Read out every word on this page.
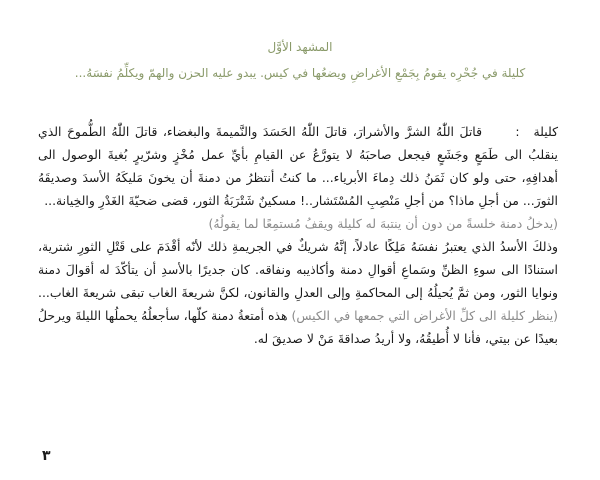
المشهد الأوَّل
كليلة في جُحْرِه يقومُ بِجَمْعِ الأغراضِ ويضعُها في كيس. يبدو عليه الحزن والهمّ ويكلِّمُ نفسَهُ...
كليلة :

قاتلَ اللّٰهُ الشرَّ والأشرارَ، قاتلَ اللّٰهُ الحَسَدَ والنَّميمةَ والبغضاء، قاتلَ اللّٰهُ الطُّموحَ الذي ينقلبُ الى طَمَعٍ وجَشَعٍ فيجعل صاحبَهُ لا يتورَّعُ عن القيامِ بأيِّ عمل مُخْزٍ وشرّيرٍ بُغيةَ الوصول الى أهدافِهِ، حتى ولو كان ثَمَنُ ذلك دِماءَ الأبرياء... ما كنتُ أنتظرُ من دمنةَ أن يخونَ مَليكَهُ الأسدَ وصديقَهُ الثورَ... من أجلِ ماذا؟ من أجلِ مَنْصِبِ المُسْتَشار..! مسكينٌ شَتْرَبَةُ الثور، قضى ضحيّةَ الغَدْرِ والخِيانة...

(يدخلُ دمنة خلسةً من دون أن ينتبهَ له كليلة ويقفُ مُستمِعًا لما يقولُهُ)

وذلكَ الأسدُ الذي يعتبرُ نفسَهُ مَلِكًا عادلاً، إنَّهُ شريكٌ في الجريمةِ ذلك لأنّه أقْدَمَ على قَتْلِ الثورِ شترية، استنادًا الى سوءِ الظنِّ وسَماعِ أقوالِ دمنة وأكاذيبه ونفاقه. كان جديرًا بالأسدِ أن يتأكّدَ له أقوالَ دمنة ونوايا الثور، ومن ثمَّ يُحيلُهُ إلى المحاكمةِ وإلى العدلِ والقانون، لكنَّ شريعةَ الغاب تبقى شريعةَ الغاب... (ينظر كليلة الى كلِّ الأغراض التي جمعها في الكيس) هذه أمتعةُ دمنة كلّها، سأجعلُهُ يحملُها الليلةَ ويرحلُ بعيدًا عن بيتي، فأنا لا أُطيقُهُ، ولا أريدُ صداقةَ مَنْ لا صديقَ له.

٣
